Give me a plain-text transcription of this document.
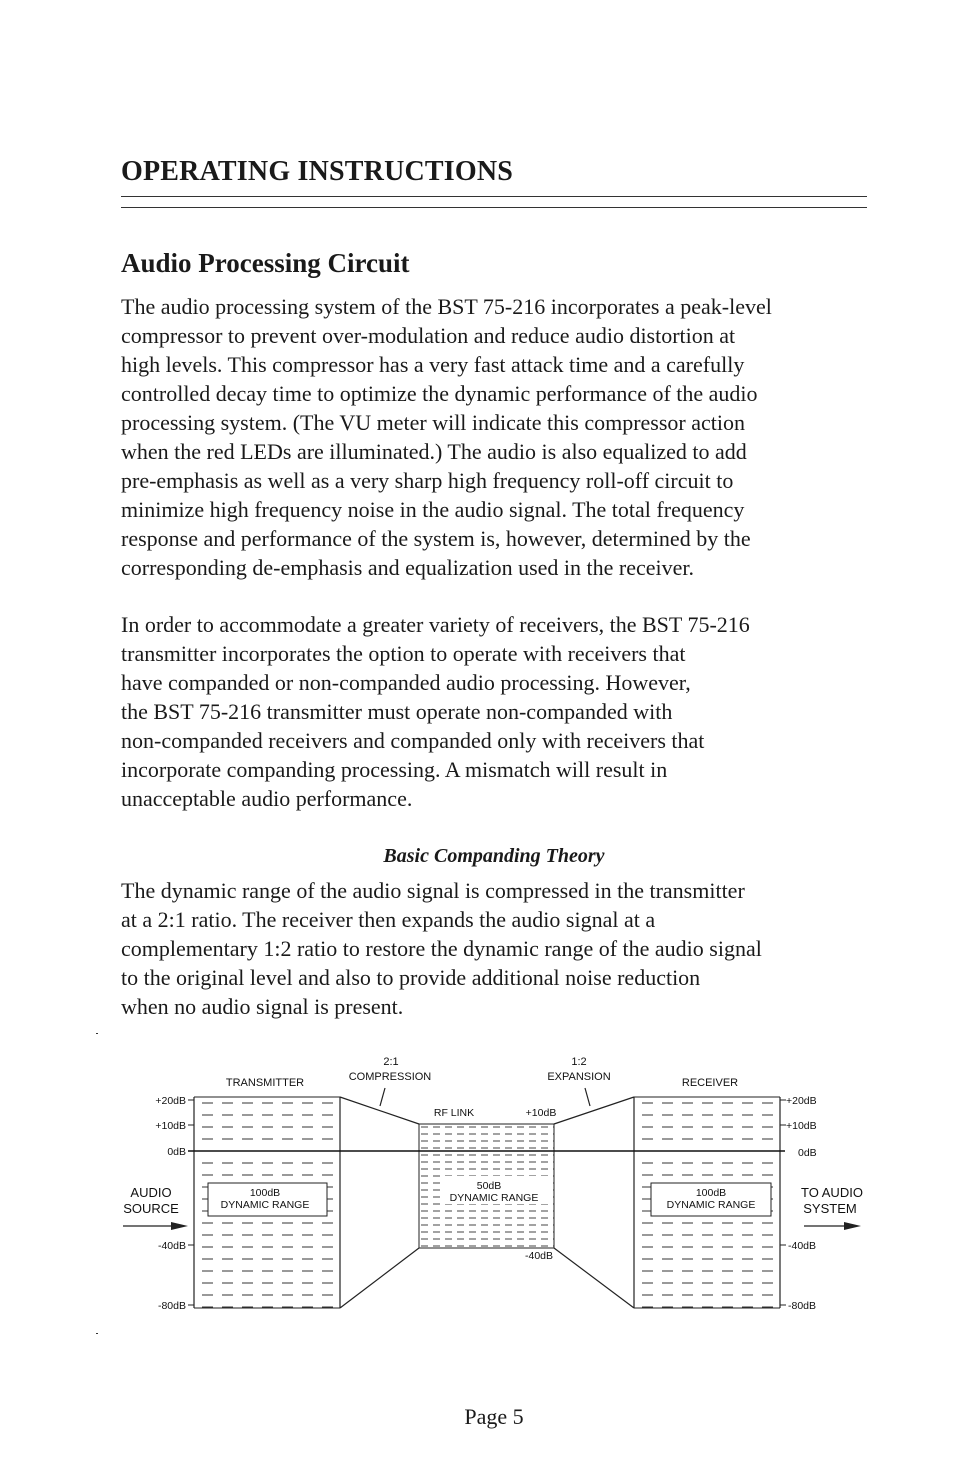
OPERATING INSTRUCTIONS
Audio Processing Circuit

The audio processing system of the BST 75-216 incorporates a peak-level
compressor to prevent over-modulation and reduce audio distortion at
high levels. This compressor has a very fast attack time and a carefully
controlled decay time to optimize the dynamic performance of the audio
processing system. (The VU meter will indicate this compressor action
when the red LEDs are illuminated.) The audio is also equalized to add
pre-emphasis as well as a very sharp high frequency roll-off circuit to
minimize high frequency noise in the audio signal. The total frequency
response and performance of the system is, however, determined by the
corresponding de-emphasis and equalization used in the receiver.

In order to accommodate a greater variety of receivers, the BST 75-216
transmitter incorporates the option to operate with receivers that
have companded or non-companded audio processing. However,
the BST 75-216 transmitter must operate non-companded with
non-companded receivers and companded only with receivers that
incorporate companding processing. A mismatch will result in
unacceptable audio performance.

Basic Companding Theory

The dynamic range of the audio signal is compressed in the transmitter
at a 2:1 ratio. The receiver then expands the audio signal at a
complementary 1:2 ratio to restore the dynamic range of the audio signal
to the original level and also to provide additional noise reduction
when no audio signal is present.

TRANSMITTER	RECEIVER
2:1
COMPRESSION
1:2
EXPANSION
RF LINK	+10dB
-40dB
+20dB
+10dB
0dB
-40dB
-80dB
+20dB
+10dB
0dB
-40dB
-80dB
100dB
DYNAMIC RANGE
50dB
DYNAMIC RANGE	100dB
DYNAMIC RANGE
AUDIO
SOURCE
TO AUDIO
SYSTEM
Page 5
